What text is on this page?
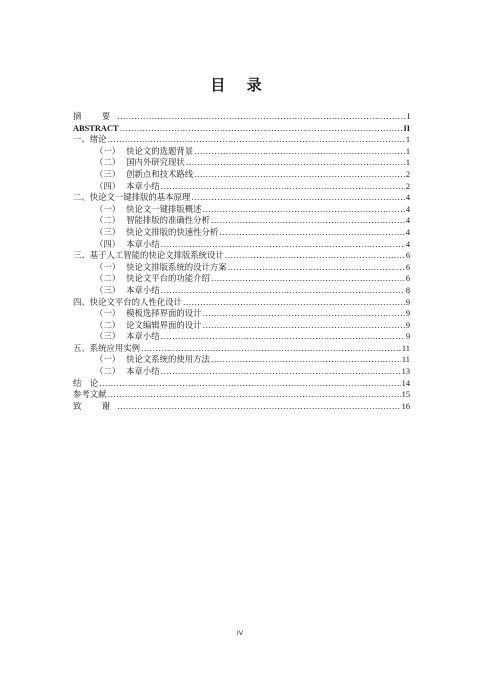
目 录
摘　要 .....	I
ABSTRACT .....	II
一、绪论 .....	1
（一） 快论文的选题背景 .....	1
（二） 国内外研究现状 .....	1
（三） 创新点和技术路线 .....	2
（四） 本章小结 .....	2
二、快论文一键排版的基本原理 .....	4
（一） 快论文一键排版概述 .....	4
（二） 智能排版的准确性分析 .....	4
（三） 快论文排版的快速性分析 .....	4
（四） 本章小结 .....	4
三、基于人工智能的快论文排版系统设计 .....	6
（一） 快论文排版系统的设计方案 .....	6
（二） 快论文平台的功能介绍 .....	6
（三） 本章小结 .....	8
四、快论文平台的人性化设计 .....	9
（一） 模板选择界面的设计 .....	9
（二） 论文编辑界面的设计 .....	9
（三） 本章小结 .....	9
五、系统应用实例 .....	11
（一） 快论文系统的使用方法 .....	11
（二） 本章小结 .....	13
结　论 .....	14
参考文献 .....	15
致　谢 .....	16
IV
